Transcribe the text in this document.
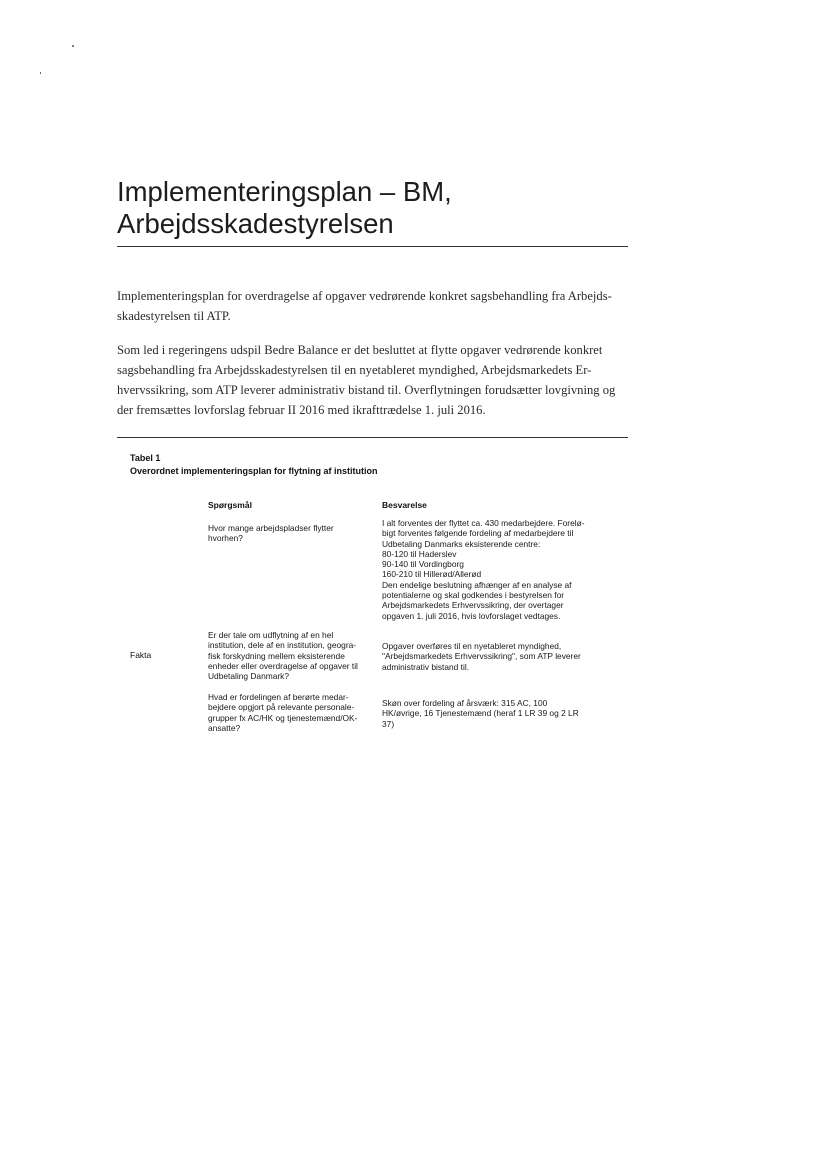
Implementeringsplan – BM,
Arbejdsskadestyrelsen

Implementeringsplan for overdragelse af opgaver vedrørende konkret sagsbehandling fra Arbejds-
skadestyrelsen til ATP.

Som led i regeringens udspil Bedre Balance er det besluttet at flytte opgaver vedrørende konkret
sagsbehandling fra Arbejdsskadestyrelsen til en nyetableret myndighed, Arbejdsmarkedets Er-
hvervssikring, som ATP leverer administrativ bistand til. Overflytningen forudsætter lovgivning og
der fremsættes lovforslag februar II 2016 med ikrafttrædelse 1. juli 2016.

Tabel 1
Overordnet implementeringsplan for flytning af institution
Spørgsmål	Besvarelse
Fakta
Hvor mange arbejdspladser flytter
hvorhen?
I alt forventes der flyttet ca. 430 medarbejdere. Forelø-
bigt forventes følgende fordeling af medarbejdere til
Udbetaling Danmarks eksisterende centre:
80-120 til Haderslev
90-140 til Vordingborg
160-210 til Hillerød/Allerød
Den endelige beslutning afhænger af en analyse af
potentialerne og skal godkendes i bestyrelsen for
Arbejdsmarkedets Erhvervssikring, der overtager
opgaven 1. juli 2016, hvis lovforslaget vedtages.
Er der tale om udflytning af en hel
institution, dele af en institution, geogra-
fisk forskydning mellem eksisterende
enheder eller overdragelse af opgaver til
Udbetaling Danmark?
Opgaver overføres til en nyetableret myndighed,
"Arbejdsmarkedets Erhvervssikring", som ATP leverer
administrativ bistand til.
Hvad er fordelingen af berørte medar-
bejdere opgjort på relevante personale-
grupper fx AC/HK og tjenestemænd/OK-
ansatte?
Skøn over fordeling af årsværk: 315 AC, 100
HK/øvrige, 16 Tjenestemænd (heraf 1 LR 39 og 2 LR
37)
